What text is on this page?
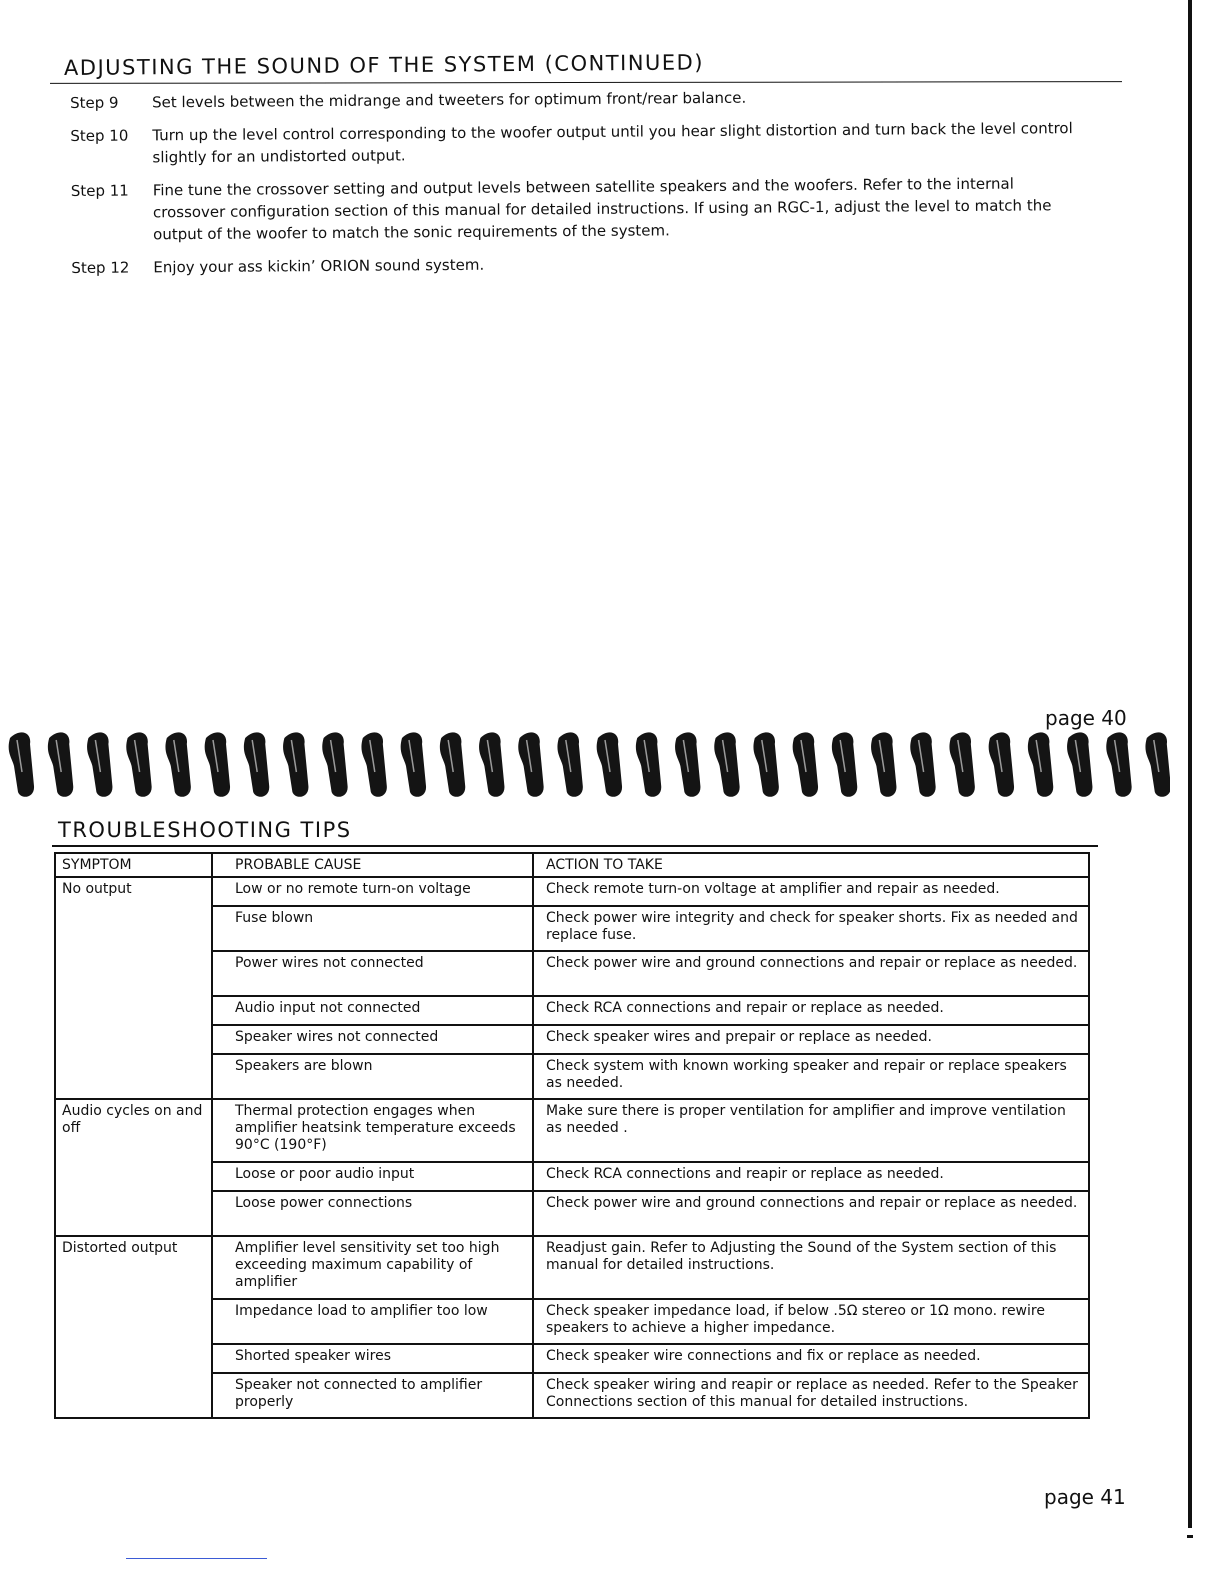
ADJUSTING THE SOUND OF THE SYSTEM (CONTINUED)
Step 9	Set levels between the midrange and tweeters for optimum front/rear balance.
Step 10	Turn up the level control corresponding to the woofer output until you hear slight distortion and turn back the level control slightly for an undistorted output.
Step 11	Fine tune the crossover setting and output levels between satellite speakers and the woofers. Refer to the internal crossover configuration section of this manual for detailed instructions. If using an RGC-1, adjust the level to match the output of the woofer to match the sonic requirements of the system.
Step 12	Enjoy your ass kickin’ ORION sound system.
page 40
TROUBLESHOOTING TIPS
SYMPTOM	PROBABLE CAUSE	ACTION TO TAKE
No output	Low or no remote turn-on voltage	Check remote turn-on voltage at amplifier and repair as needed.
	Fuse blown	Check power wire integrity and check for speaker shorts. Fix as needed and replace fuse.
	Power wires not connected	Check power wire and ground connections and repair or replace as needed.
	Audio input not connected	Check RCA connections and repair or replace as needed.
	Speaker wires not connected	Check speaker wires and prepair or replace as needed.
	Speakers are blown	Check system with known working speaker and repair or replace speakers as needed.
Audio cycles on and off	Thermal protection engages when amplifier heatsink temperature exceeds 90°C (190°F)	Make sure there is proper ventilation for amplifier and improve ventilation as needed .
	Loose or poor audio input	Check RCA connections and reapir or replace as needed.
	Loose power connections	Check power wire and ground connections and repair or replace as needed.
Distorted output	Amplifier level sensitivity set too high exceeding maximum capability of amplifier	Readjust gain. Refer to Adjusting the Sound of the System section of this manual for detailed instructions.
	Impedance load to amplifier too low	Check speaker impedance load, if below .5Ω stereo or 1Ω mono. rewire speakers to achieve a higher impedance.
	Shorted speaker wires	Check speaker wire connections and fix or replace as needed.
	Speaker not connected to amplifier properly	Check speaker wiring and reapir or replace as needed. Refer to the Speaker Connections section of this manual for detailed instructions.
page 41
